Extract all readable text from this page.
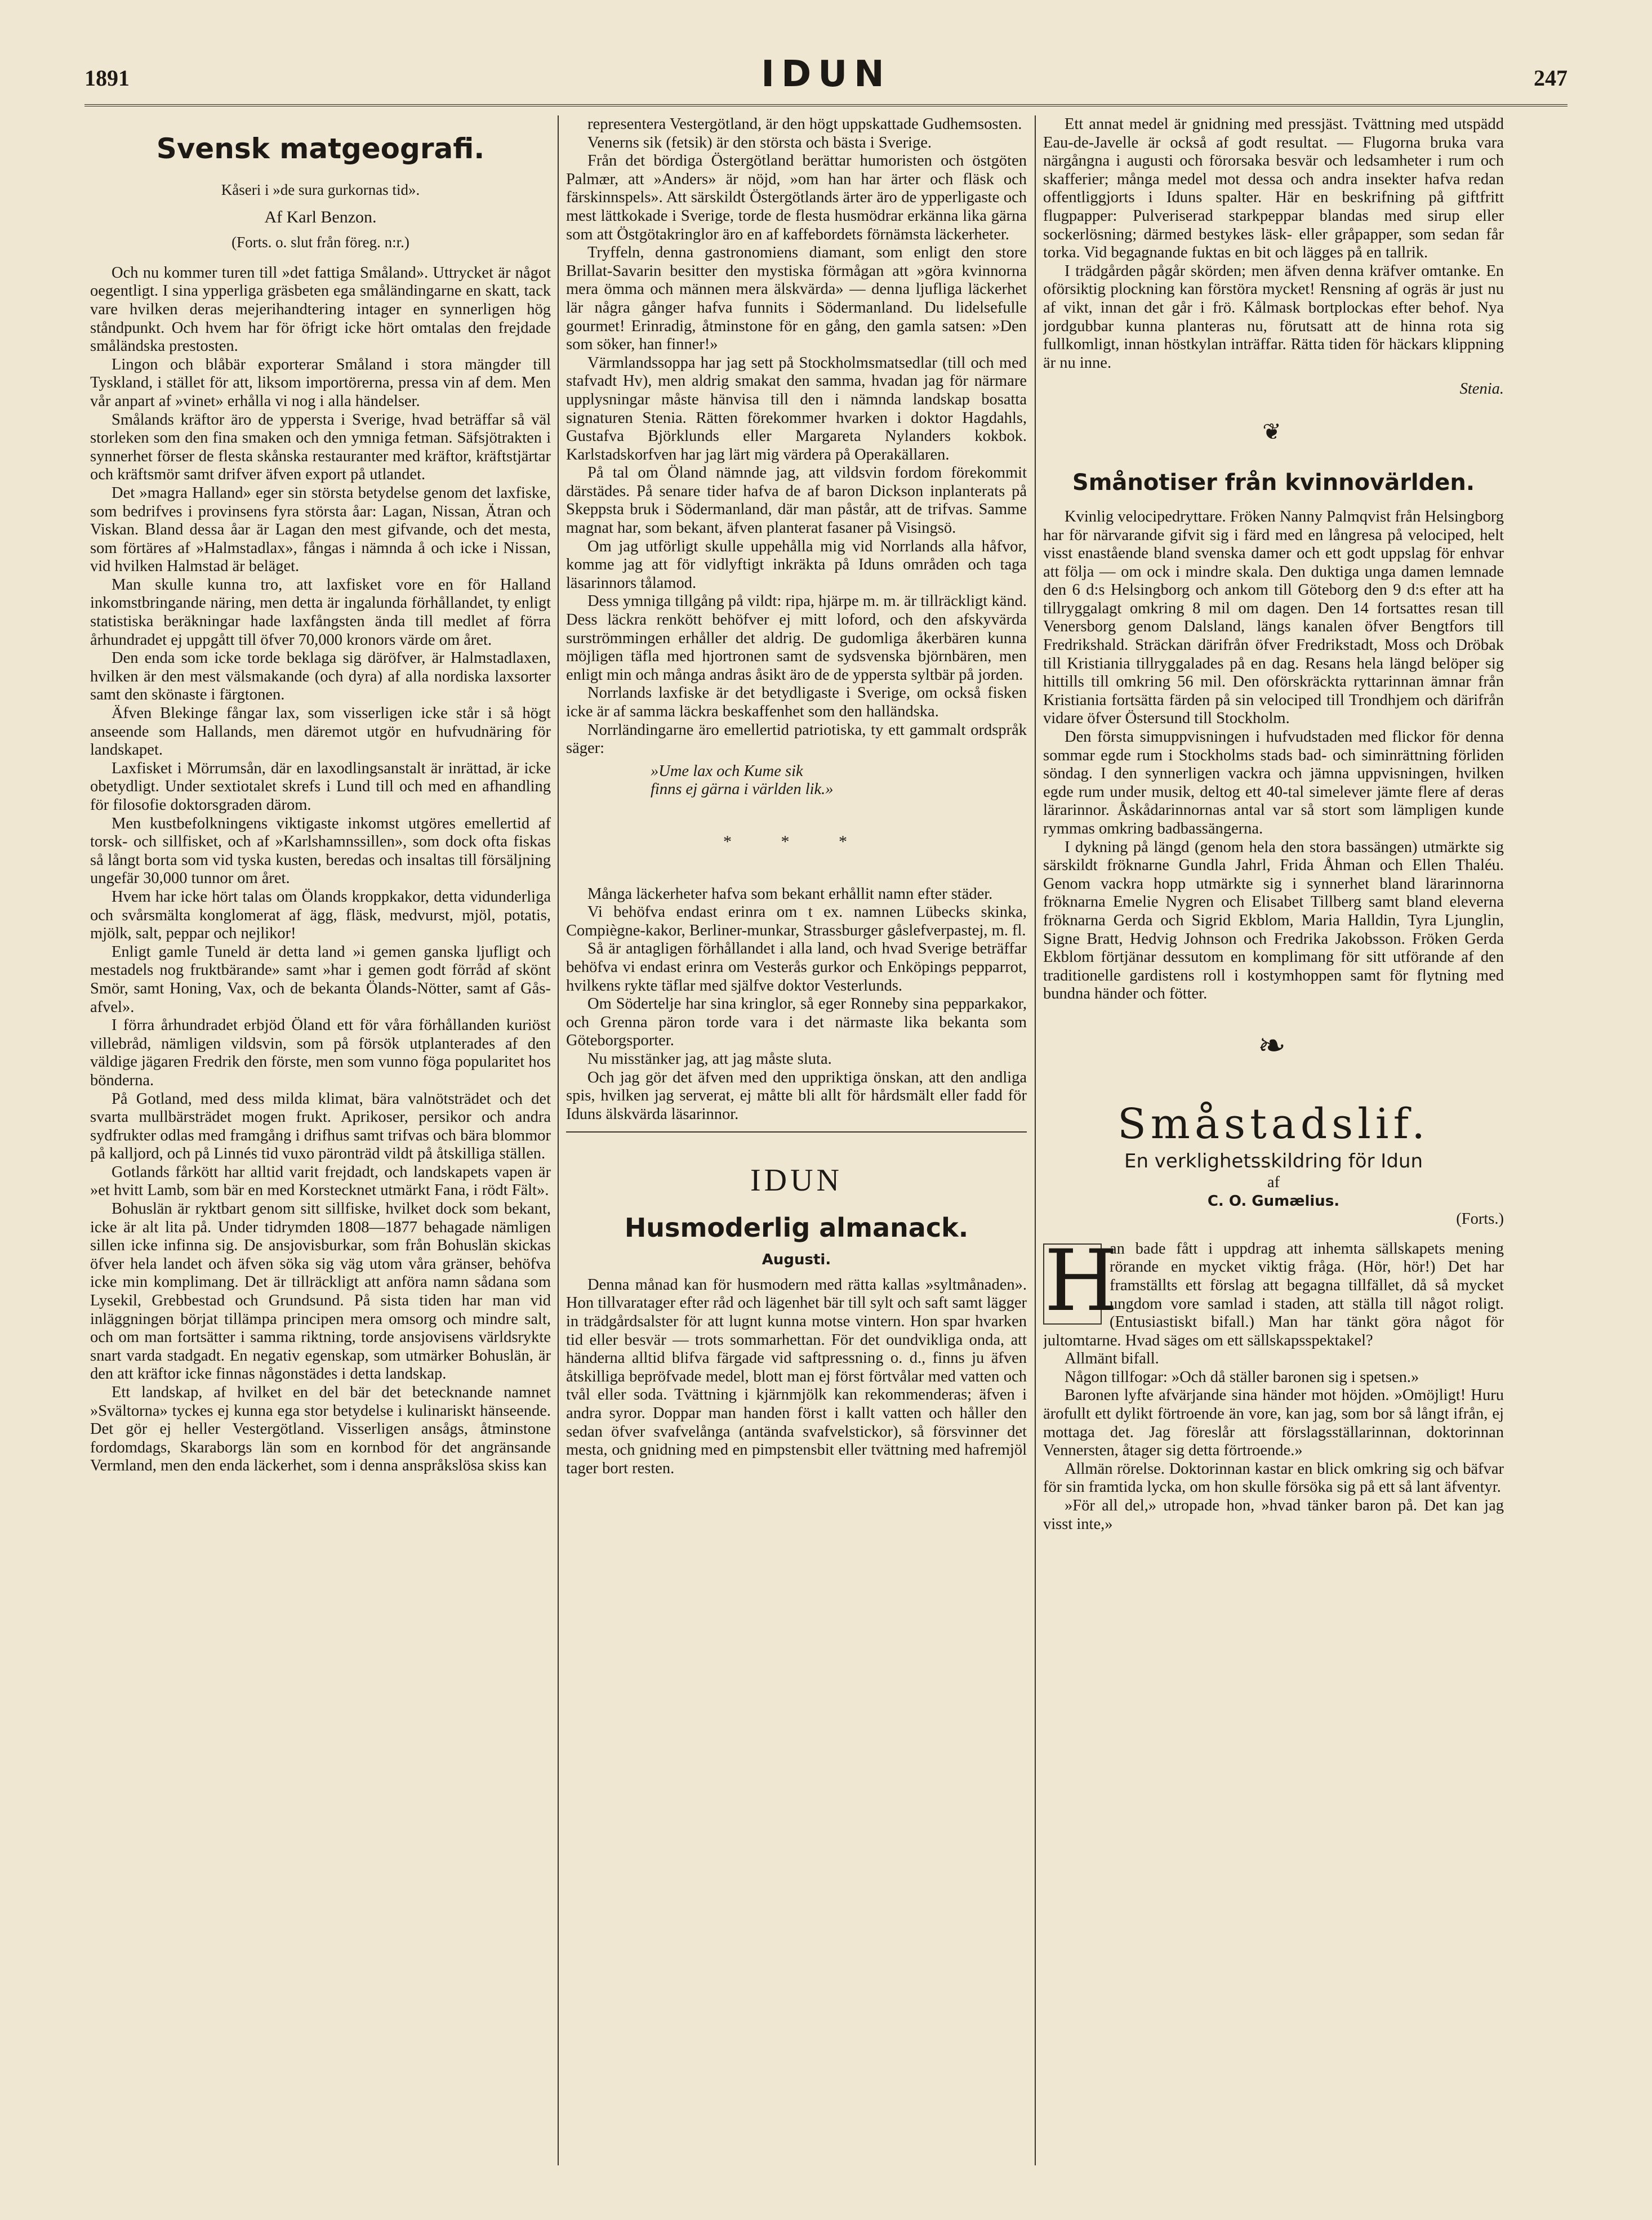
1891	IDUN	247
Svensk matgeografi.

Kåseri i »de sura gurkornas tid».

Af Karl Benzon.

(Forts. o. slut från föreg. n:r.)

Och nu kommer turen till »det fattiga Småland». Uttrycket är något oegentligt. I sina ypperliga gräsbeten ega småländingarne en skatt, tack vare hvilken deras mejerihandtering intager en synnerligen hög ståndpunkt. Och hvem har för öfrigt icke hört omtalas den frejdade småländska prestosten.

Lingon och blåbär exporterar Småland i stora mängder till Tyskland, i stället för att, liksom importörerna, pressa vin af dem. Men vår anpart af »vinet» erhålla vi nog i alla händelser.

Smålands kräftor äro de yppersta i Sverige, hvad beträffar så väl storleken som den fina smaken och den ymniga fetman. Säfsjötrakten i synnerhet förser de flesta skånska restauranter med kräftor, kräftstjärtar och kräftsmör samt drifver äfven export på utlandet.

Det »magra Halland» eger sin största betydelse genom det laxfiske, som bedrifves i provinsens fyra största åar: Lagan, Nissan, Ätran och Viskan. Bland dessa åar är Lagan den mest gifvande, och det mesta, som förtäres af »Halmstadlax», fångas i nämnda å och icke i Nissan, vid hvilken Halmstad är beläget.

Man skulle kunna tro, att laxfisket vore en för Halland inkomstbringande näring, men detta är ingalunda förhållandet, ty enligt statistiska beräkningar hade laxfångsten ända till medlet af förra århundradet ej uppgått till öfver 70,000 kronors värde om året.

Den enda som icke torde beklaga sig däröfver, är Halmstadlaxen, hvilken är den mest välsmakande (och dyra) af alla nordiska laxsorter samt den skönaste i färgtonen.

Äfven Blekinge fångar lax, som visserligen icke står i så högt anseende som Hallands, men däremot utgör en hufvudnäring för landskapet.

Laxfisket i Mörrumsån, där en laxodlingsanstalt är inrättad, är icke obetydligt. Under sextiotalet skrefs i Lund till och med en afhandling för filosofie doktorsgraden därom.

Men kustbefolkningens viktigaste inkomst utgöres emellertid af torsk- och sillfisket, och af »Karlshamnssillen», som dock ofta fiskas så långt borta som vid tyska kusten, beredas och insaltas till försäljning ungefär 30,000 tunnor om året.

Hvem har icke hört talas om Ölands kroppkakor, detta vidunderliga och svårsmälta konglomerat af ägg, fläsk, medvurst, mjöl, potatis, mjölk, salt, peppar och nejlikor!

Enligt gamle Tuneld är detta land »i gemen ganska ljufligt och mestadels nog fruktbärande» samt »har i gemen godt förråd af skönt Smör, samt Honing, Vax, och de bekanta Ölands-Nötter, samt af Gås-afvel».

I förra århundradet erbjöd Öland ett för våra förhållanden kuriöst villebråd, nämligen vildsvin, som på försök utplanterades af den väldige jägaren Fredrik den förste, men som vunno föga popularitet hos bönderna.

På Gotland, med dess milda klimat, bära valnötsträdet och det svarta mullbärsträdet mogen frukt. Aprikoser, persikor och andra sydfrukter odlas med framgång i drifhus samt trifvas och bära blommor på kalljord, och på Linnés tid vuxo päronträd vildt på åtskilliga ställen.

Gotlands fårkött har alltid varit frejdadt, och landskapets vapen är »et hvitt Lamb, som bär en med Korstecknet utmärkt Fana, i rödt Fält».

Bohuslän är ryktbart genom sitt sillfiske, hvilket dock som bekant, icke är alt lita på. Under tidrymden 1808—1877 behagade nämligen sillen icke infinna sig. De ansjovisburkar, som från Bohuslän skickas öfver hela landet och äfven söka sig väg utom våra gränser, behöfva icke min komplimang. Det är tillräckligt att anföra namn sådana som Lysekil, Grebbestad och Grundsund. På sista tiden har man vid inläggningen börjat tillämpa principen mera omsorg och mindre salt, och om man fortsätter i samma riktning, torde ansjovisens världsrykte snart varda stadgadt. En negativ egenskap, som utmärker Bohuslän, är den att kräftor icke finnas någonstädes i detta landskap.

Ett landskap, af hvilket en del bär det betecknande namnet »Svältorna» tyckes ej kunna ega stor betydelse i kulinariskt hänseende. Det gör ej heller Vestergötland. Visserligen ansågs, åtminstone fordomdags, Skaraborgs län som en kornbod för det angränsande Vermland, men den enda läckerhet, som i denna anspråkslösa skiss kan

representera Vestergötland, är den högt uppskattade Gudhemsosten.

Venerns sik (fetsik) är den största och bästa i Sverige.

Från det bördiga Östergötland berättar humoristen och östgöten Palmær, att »Anders» är nöjd, »om han har ärter och fläsk och färskinnspels». Att särskildt Östergötlands ärter äro de ypperligaste och mest lättkokade i Sverige, torde de flesta husmödrar erkänna lika gärna som att Östgötakringlor äro en af kaffebordets förnämsta läckerheter.

Tryffeln, denna gastronomiens diamant, som enligt den store Brillat-Savarin besitter den mystiska förmågan att »göra kvinnorna mera ömma och männen mera älskvärda» — denna ljufliga läckerhet lär några gånger hafva funnits i Södermanland. Du lidelsefulle gourmet! Erinradig, åtminstone för en gång, den gamla satsen: »Den som söker, han finner!»

Värmlandssoppa har jag sett på Stockholmsmatsedlar (till och med stafvadt Hv), men aldrig smakat den samma, hvadan jag för närmare upplysningar måste hänvisa till den i nämnda landskap bosatta signaturen Stenia. Rätten förekommer hvarken i doktor Hagdahls, Gustafva Björklunds eller Margareta Nylanders kokbok. Karlstadskorfven har jag lärt mig värdera på Operakällaren.

På tal om Öland nämnde jag, att vildsvin fordom förekommit därstädes. På senare tider hafva de af baron Dickson inplanterats på Skeppsta bruk i Södermanland, där man påstår, att de trifvas. Samme magnat har, som bekant, äfven planterat fasaner på Visingsö.

Om jag utförligt skulle uppehålla mig vid Norrlands alla håfvor, komme jag att för vidlyftigt inkräkta på Iduns områden och taga läsarinnors tålamod.

Dess ymniga tillgång på vildt: ripa, hjärpe m. m. är tillräckligt känd. Dess läckra renkött behöfver ej mitt loford, och den afskyvärda surströmmingen erhåller det aldrig. De gudomliga åkerbären kunna möjligen täfla med hjortronen samt de sydsvenska björnbären, men enligt min och många andras åsikt äro de de yppersta syltbär på jorden.

Norrlands laxfiske är det betydligaste i Sverige, om också fisken icke är af samma läckra beskaffenhet som den halländska.

Norrländingarne äro emellertid patriotiska, ty ett gammalt ordspråk säger:

»Ume lax och Kume sik

finns ej gärna i världen lik.»

* * *

Många läckerheter hafva som bekant erhållit namn efter städer.

Vi behöfva endast erinra om t ex. namnen Lübecks skinka, Compiègne-kakor, Berliner-munkar, Strassburger gåslefverpastej, m. fl.

Så är antagligen förhållandet i alla land, och hvad Sverige beträffar behöfva vi endast erinra om Vesterås gurkor och Enköpings pepparrot, hvilkens rykte täflar med själfve doktor Vesterlunds.

Om Södertelje har sina kringlor, så eger Ronneby sina pepparkakor, och Grenna päron torde vara i det närmaste lika bekanta som Göteborgsporter.

Nu misstänker jag, att jag måste sluta.

Och jag gör det äfven med den uppriktiga önskan, att den andliga spis, hvilken jag serverat, ej måtte bli allt för hårdsmält eller fadd för Iduns älskvärda läsarinnor.

IDUN

Husmoderlig almanack.

Augusti.

Denna månad kan för husmodern med rätta kallas »syltmånaden». Hon tillvaratager efter råd och lägenhet bär till sylt och saft samt lägger in trädgårdsalster för att lugnt kunna motse vintern. Hon spar hvarken tid eller besvär — trots sommarhettan. För det oundvikliga onda, att händerna alltid blifva färgade vid saftpressning o. d., finns ju äfven åtskilliga bepröfvade medel, blott man ej först förtvålar med vatten och tvål eller soda. Tvättning i kjärnmjölk kan rekommenderas; äfven i andra syror. Doppar man handen först i kallt vatten och håller den sedan öfver svafvelånga (antända svafvelstickor), så försvinner det mesta, och gnidning med en pimpstensbit eller tvättning med hafremjöl tager bort resten.

Ett annat medel är gnidning med pressjäst. Tvättning med utspädd Eau-de-Javelle är också af godt resultat. — Flugorna bruka vara närgångna i augusti och förorsaka besvär och ledsamheter i rum och skafferier; många medel mot dessa och andra insekter hafva redan offentliggjorts i Iduns spalter. Här en beskrifning på giftfritt flugpapper: Pulveriserad starkpeppar blandas med sirup eller sockerlösning; därmed bestykes läsk- eller gråpapper, som sedan får torka. Vid begagnande fuktas en bit och lägges på en tallrik.

I trädgården pågår skörden; men äfven denna kräfver omtanke. En oförsiktig plockning kan förstöra mycket! Rensning af ogräs är just nu af vikt, innan det går i frö. Kålmask bortplockas efter behof. Nya jordgubbar kunna planteras nu, förutsatt att de hinna rota sig fullkomligt, innan höstkylan inträffar. Rätta tiden för häckars klippning är nu inne.

Stenia.

❦

Smånotiser från kvinnovärlden.

Kvinlig velocipedryttare. Fröken Nanny Palmqvist från Helsingborg har för närvarande gifvit sig i färd med en långresa på velociped, helt visst enastående bland svenska damer och ett godt uppslag för enhvar att följa — om ock i mindre skala. Den duktiga unga damen lemnade den 6 d:s Helsingborg och ankom till Göteborg den 9 d:s efter att ha tillryggalagt omkring 8 mil om dagen. Den 14 fortsattes resan till Venersborg genom Dalsland, längs kanalen öfver Bengtfors till Fredrikshald. Sträckan därifrån öfver Fredrikstadt, Moss och Dröbak till Kristiania tillryggalades på en dag. Resans hela längd belöper sig hittills till omkring 56 mil. Den oförskräckta ryttarinnan ämnar från Kristiania fortsätta färden på sin velociped till Trondhjem och därifrån vidare öfver Östersund till Stockholm.

Den första simuppvisningen i hufvudstaden med flickor för denna sommar egde rum i Stockholms stads bad- och siminrättning förliden söndag. I den synnerligen vackra och jämna uppvisningen, hvilken egde rum under musik, deltog ett 40-tal simelever jämte flere af deras lärarinnor. Åskådarinnornas antal var så stort som lämpligen kunde rymmas omkring badbassängerna.

I dykning på längd (genom hela den stora bassängen) utmärkte sig särskildt fröknarne Gundla Jahrl, Frida Åhman och Ellen Thaléu. Genom vackra hopp utmärkte sig i synnerhet bland lärarinnorna fröknarna Emelie Nygren och Elisabet Tillberg samt bland eleverna fröknarna Gerda och Sigrid Ekblom, Maria Halldin, Tyra Ljunglin, Signe Bratt, Hedvig Johnson och Fredrika Jakobsson. Fröken Gerda Ekblom förtjänar dessutom en komplimang för sitt utförande af den traditionelle gardistens roll i kostymhoppen samt för flytning med bundna händer och fötter.

❧

Småstadslif.
En verklighetsskildring för Idun

af

C. O. Gumælius.

(Forts.)

H

an bade fått i uppdrag att inhemta sällskapets mening rörande en mycket viktig fråga. (Hör, hör!) Det har framställts ett förslag att begagna tillfället, då så mycket ungdom vore samlad i staden, att ställa till något roligt. (Entusiastiskt bifall.) Man har tänkt göra något för jultomtarne. Hvad säges om ett sällskapsspektakel?

Allmänt bifall.

Någon tillfogar: »Och då ställer baronen sig i spetsen.»

Baronen lyfte afvärjande sina händer mot höjden. »Omöjligt! Huru ärofullt ett dylikt förtroende än vore, kan jag, som bor så långt ifrån, ej mottaga det. Jag föreslår att förslagsställarinnan, doktorinnan Vennersten, åtager sig detta förtroende.»

Allmän rörelse. Doktorinnan kastar en blick omkring sig och bäfvar för sin framtida lycka, om hon skulle försöka sig på ett så lant äfventyr.

»För all del,» utropade hon, »hvad tänker baron på. Det kan jag visst inte,»
